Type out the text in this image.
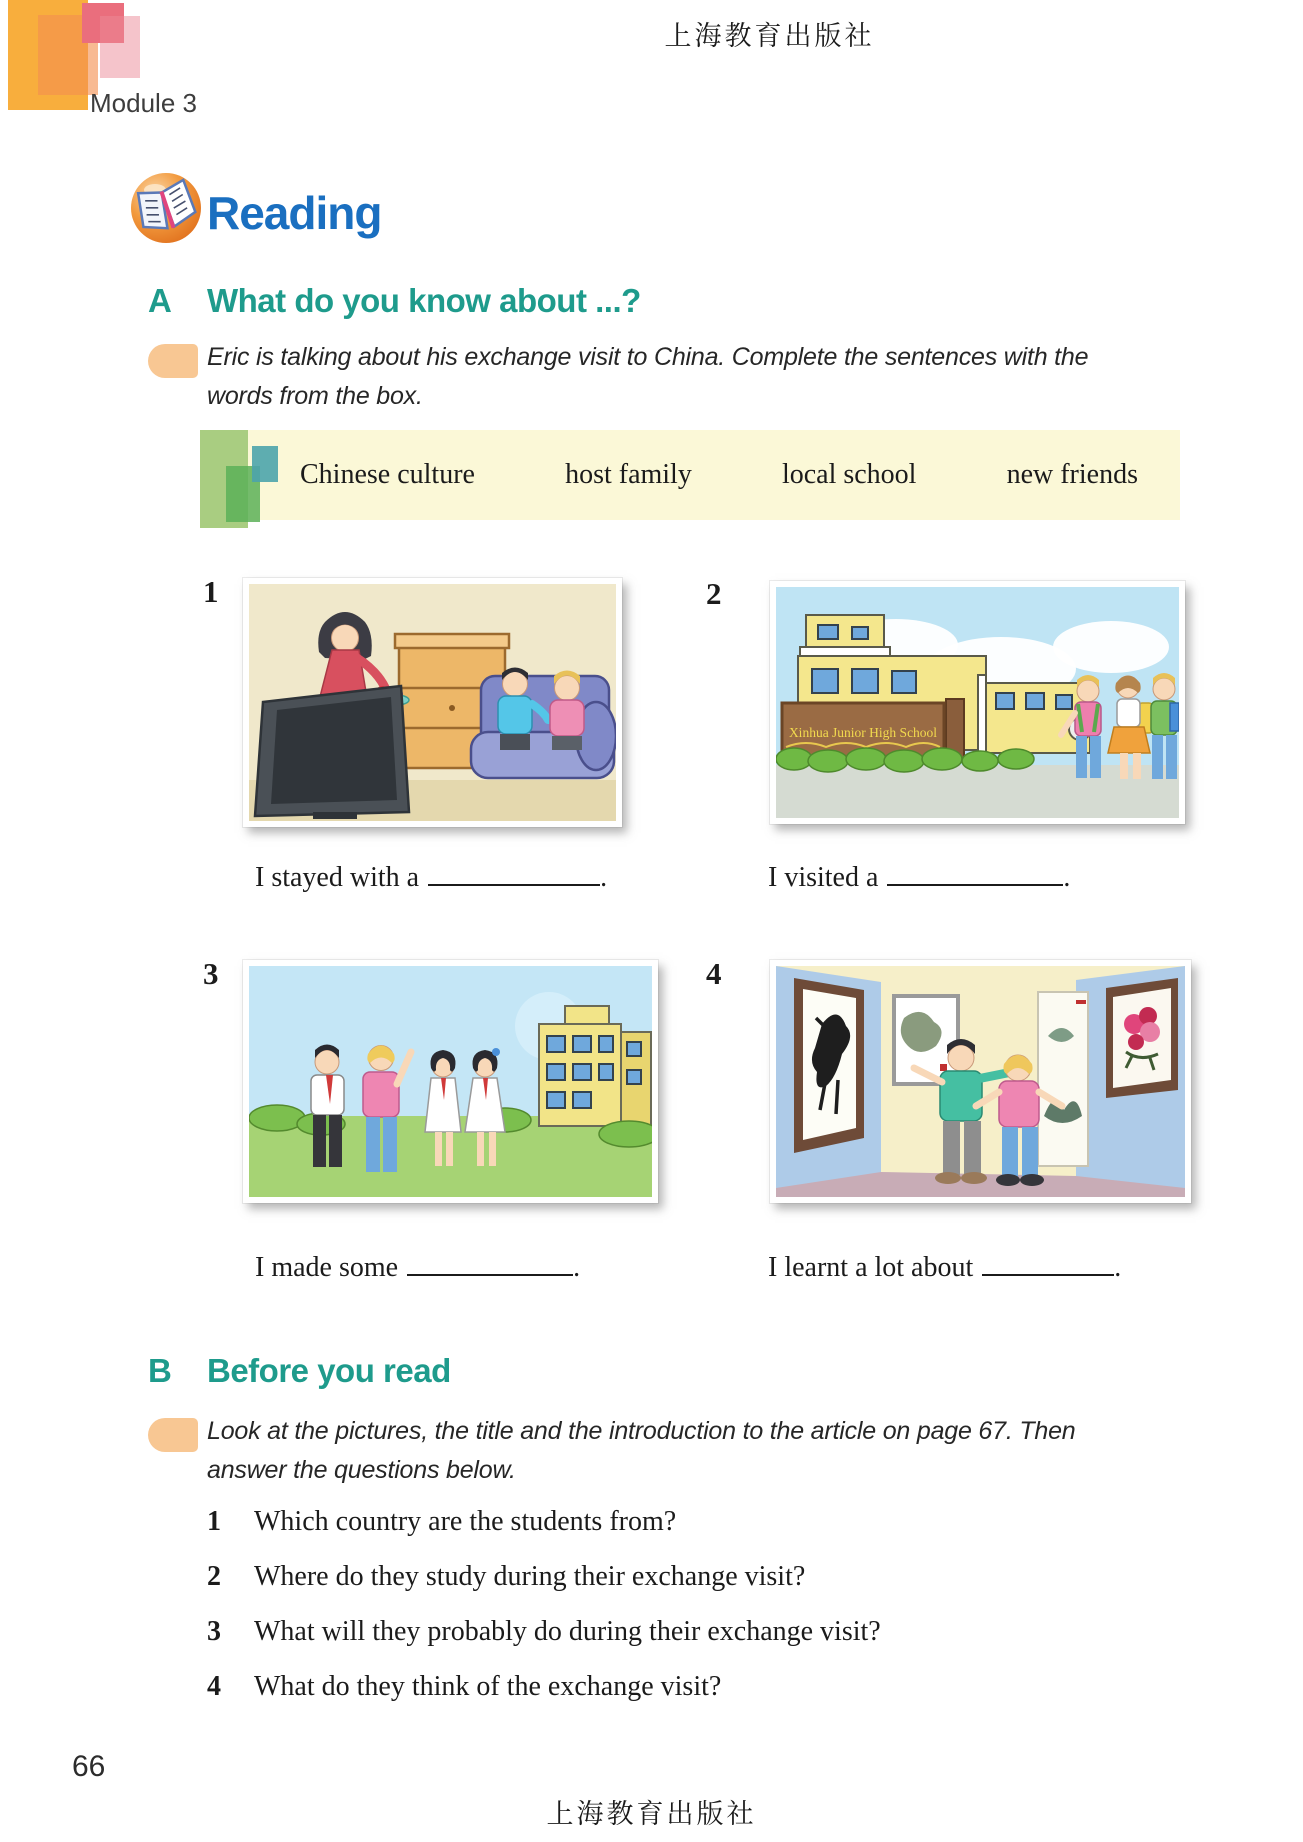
上海教育出版社
Module 3
Reading
A What do you know about ...?
Eric is talking about his exchange visit to China. Complete the sentences with the
words from the box.
Chinese culture	host family	local school	new friends
1	2
Xinhua Junior High School
I stayed with a	.	I visited a	.
3	4
I made some	.	I learnt a lot about	.
B Before you read
Look at the pictures, the title and the introduction to the article on page 67. Then
answer the questions below.
1	Which country are the students from?
2	Where do they study during their exchange visit?
3	What will they probably do during their exchange visit?
4	What do they think of the exchange visit?
66
上海教育出版社
